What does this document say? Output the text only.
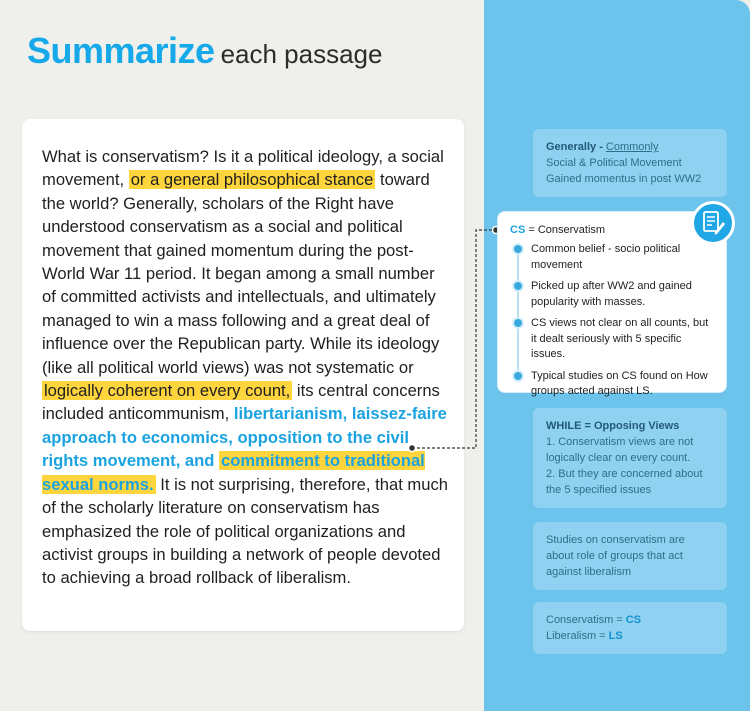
Summarize each passage

What is conservatism? Is it a political ideology, a social movement, or a general philosophical stance toward the world? Generally, scholars of the Right have understood conservatism as a social and political movement that gained momentum during the post-World War 11 period. It began among a small number of committed activists and intellectuals, and ultimately managed to win a mass following and a great deal of influence over the Republican party. While its ideology (like all political world views) was not systematic or logically coherent on every count, its central concerns included anticommunism, libertarianism, laissez-faire approach to economics, opposition to the civil rights movement, and commitment to traditional sexual norms. It is not surprising, therefore, that much of the scholarly literature on conservatism has emphasized the role of political organizations and activist groups in building a network of people devoted to achieving a broad rollback of liberalism.

Generally - Commonly
Social & Political Movement
Gained momentus in post WW2
CS = Conservatism
Common belief - socio political movement
Picked up after WW2 and gained popularity with masses.
CS views not clear on all counts, but it dealt seriously with 5 specific issues.
Typical studies on CS found on How groups acted against LS.
WHILE = Opposing Views
1. Conservatism views are not logically clear on every count.
2. But they are concerned about the 5 specified issues
Studies on conservatism are about role of groups that act against liberalism
Conservatism = CS
Liberalism = LS
